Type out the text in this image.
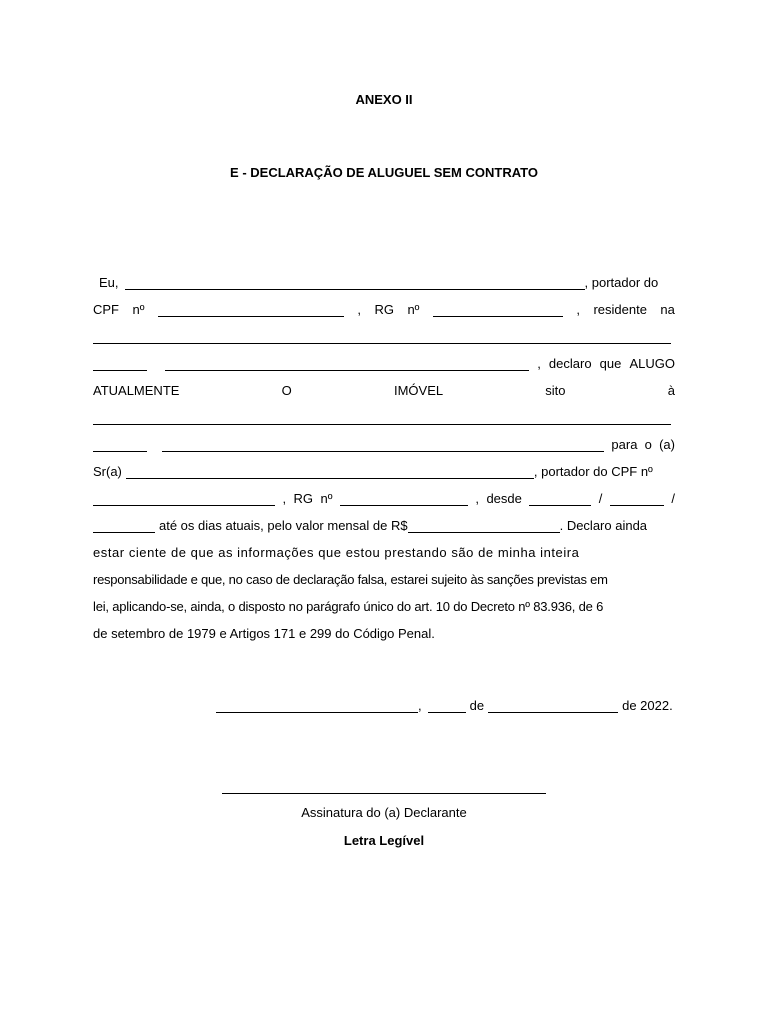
ANEXO II
E - DECLARAÇÃO DE ALUGUEL SEM CONTRATO
Eu,	, portador do
CPF nº	, RG nº	, residente na
, declaro que ALUGO
ATUALMENTE	O	IMÓVEL	sito	à
para o (a)
Sr(a)	, portador do CPF nº
, RG nº	, desde	/	/
até os dias atuais, pelo valor mensal de R$	. Declaro ainda
estar ciente de que as informações que estou prestando são de minha inteira
responsabilidade e que, no caso de declaração falsa, estarei sujeito às sanções previstas em
lei, aplicando-se, ainda, o disposto no parágrafo único do art. 10 do Decreto nº 83.936, de 6
de setembro de 1979 e Artigos 171 e 299 do Código Penal.
,	de	de 2022.
Assinatura do (a) Declarante
Letra Legível
